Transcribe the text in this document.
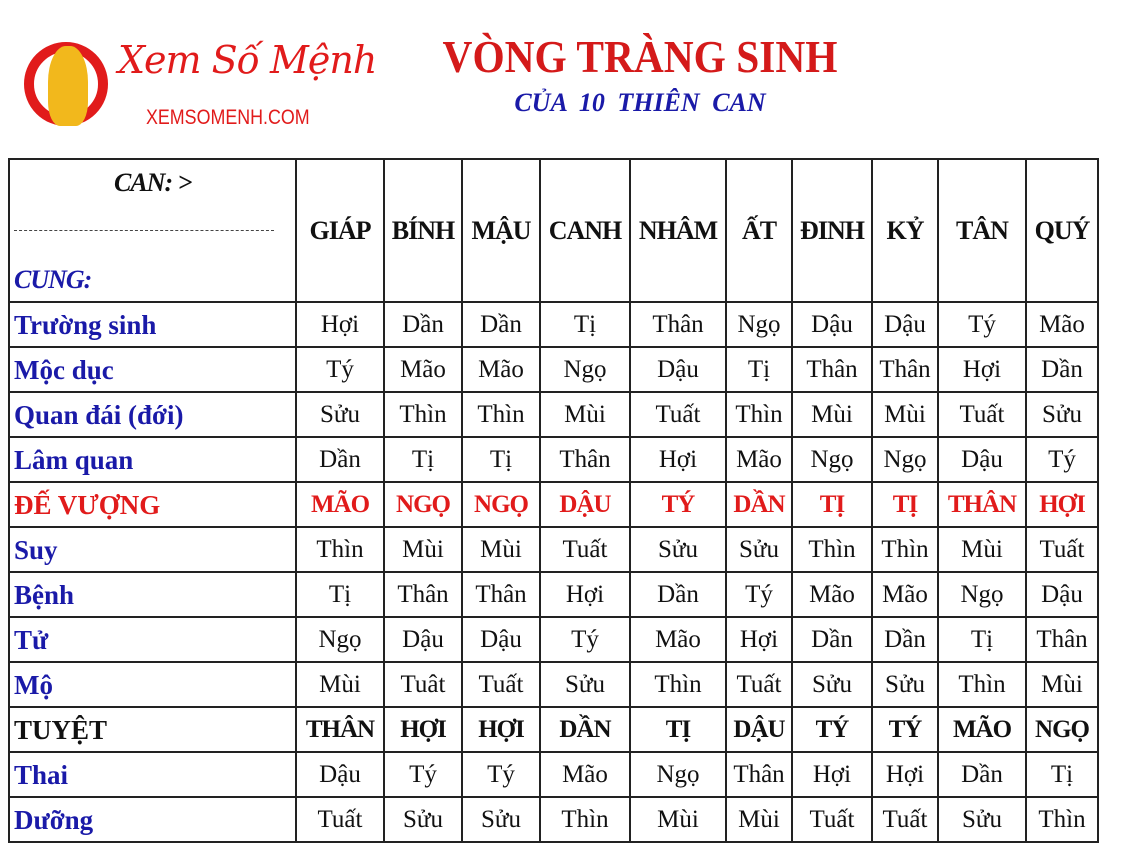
Xem Số Mệnh
XEMSOMENH.COM
VÒNG TRÀNG SINH
CỦA 10 THIÊN CAN
CAN: >
CUNG:	GIÁP	BÍNH	MẬU	CANH	NHÂM	ẤT	ĐINH	KỶ	TÂN	QUÝ
Trường sinh	Hợi	Dần	Dần	Tị	Thân	Ngọ	Dậu	Dậu	Tý	Mão
Mộc dục	Tý	Mão	Mão	Ngọ	Dậu	Tị	Thân	Thân	Hợi	Dần
Quan đái (đới)	Sửu	Thìn	Thìn	Mùi	Tuất	Thìn	Mùi	Mùi	Tuất	Sửu
Lâm quan	Dần	Tị	Tị	Thân	Hợi	Mão	Ngọ	Ngọ	Dậu	Tý
ĐẾ VƯỢNG	MÃO	NGỌ	NGỌ	DẬU	TÝ	DẦN	TỊ	TỊ	THÂN	HỢI
Suy	Thìn	Mùi	Mùi	Tuất	Sửu	Sửu	Thìn	Thìn	Mùi	Tuất
Bệnh	Tị	Thân	Thân	Hợi	Dần	Tý	Mão	Mão	Ngọ	Dậu
Tử	Ngọ	Dậu	Dậu	Tý	Mão	Hợi	Dần	Dần	Tị	Thân
Mộ	Mùi	Tuât	Tuất	Sửu	Thìn	Tuất	Sửu	Sửu	Thìn	Mùi
TUYỆT	THÂN	HỢI	HỢI	DẦN	TỊ	DẬU	TÝ	TÝ	MÃO	NGỌ
Thai	Dậu	Tý	Tý	Mão	Ngọ	Thân	Hợi	Hợi	Dần	Tị
Dưỡng	Tuất	Sửu	Sửu	Thìn	Mùi	Mùi	Tuất	Tuất	Sửu	Thìn
